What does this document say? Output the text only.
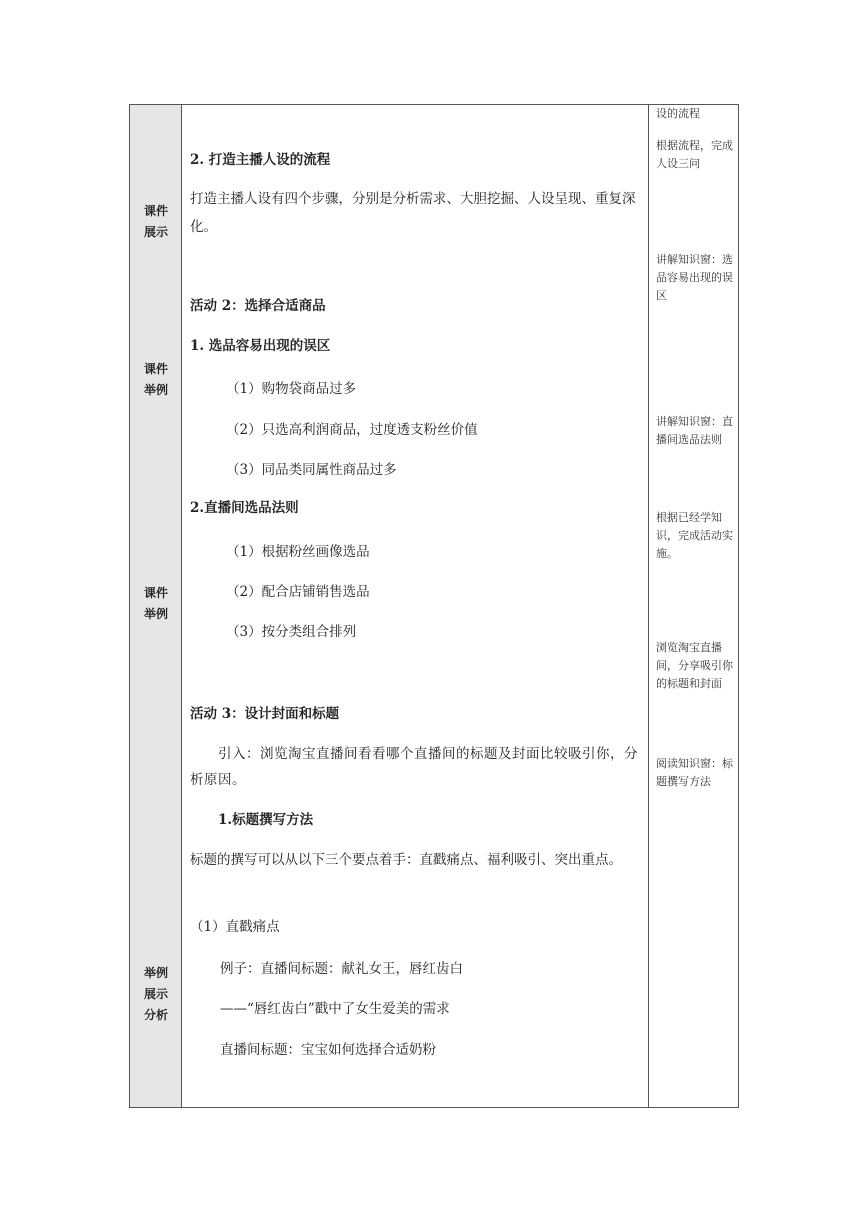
课件
展示
课件
举例
课件
举例
举例
展示
分析
2. 打造主播人设的流程
打造主播人设有四个步骤，分别是分析需求、大胆挖掘、人设呈现、重复深化。
活动 2：选择合适商品
1. 选品容易出现的误区
（1）购物袋商品过多
（2）只选高利润商品，过度透支粉丝价值
（3）同品类同属性商品过多
2.直播间选品法则
（1）根据粉丝画像选品
（2）配合店铺销售选品
（3）按分类组合排列
活动 3：设计封面和标题
引入：浏览淘宝直播间看看哪个直播间的标题及封面比较吸引你，分析原因。
1.标题撰写方法
标题的撰写可以从以下三个要点着手：直戳痛点、福利吸引、突出重点。
（1）直戳痛点
例子：直播间标题：献礼女王，唇红齿白
——“唇红齿白”戳中了女生爱美的需求
直播间标题：宝宝如何选择合适奶粉
设的流程
根据流程，完成人设三问
讲解知识窗：选品容易出现的误区
讲解知识窗：直播间选品法则
根据已经学知识，完成活动实施。
浏览淘宝直播间，分享吸引你的标题和封面
阅读知识窗：标题撰写方法
